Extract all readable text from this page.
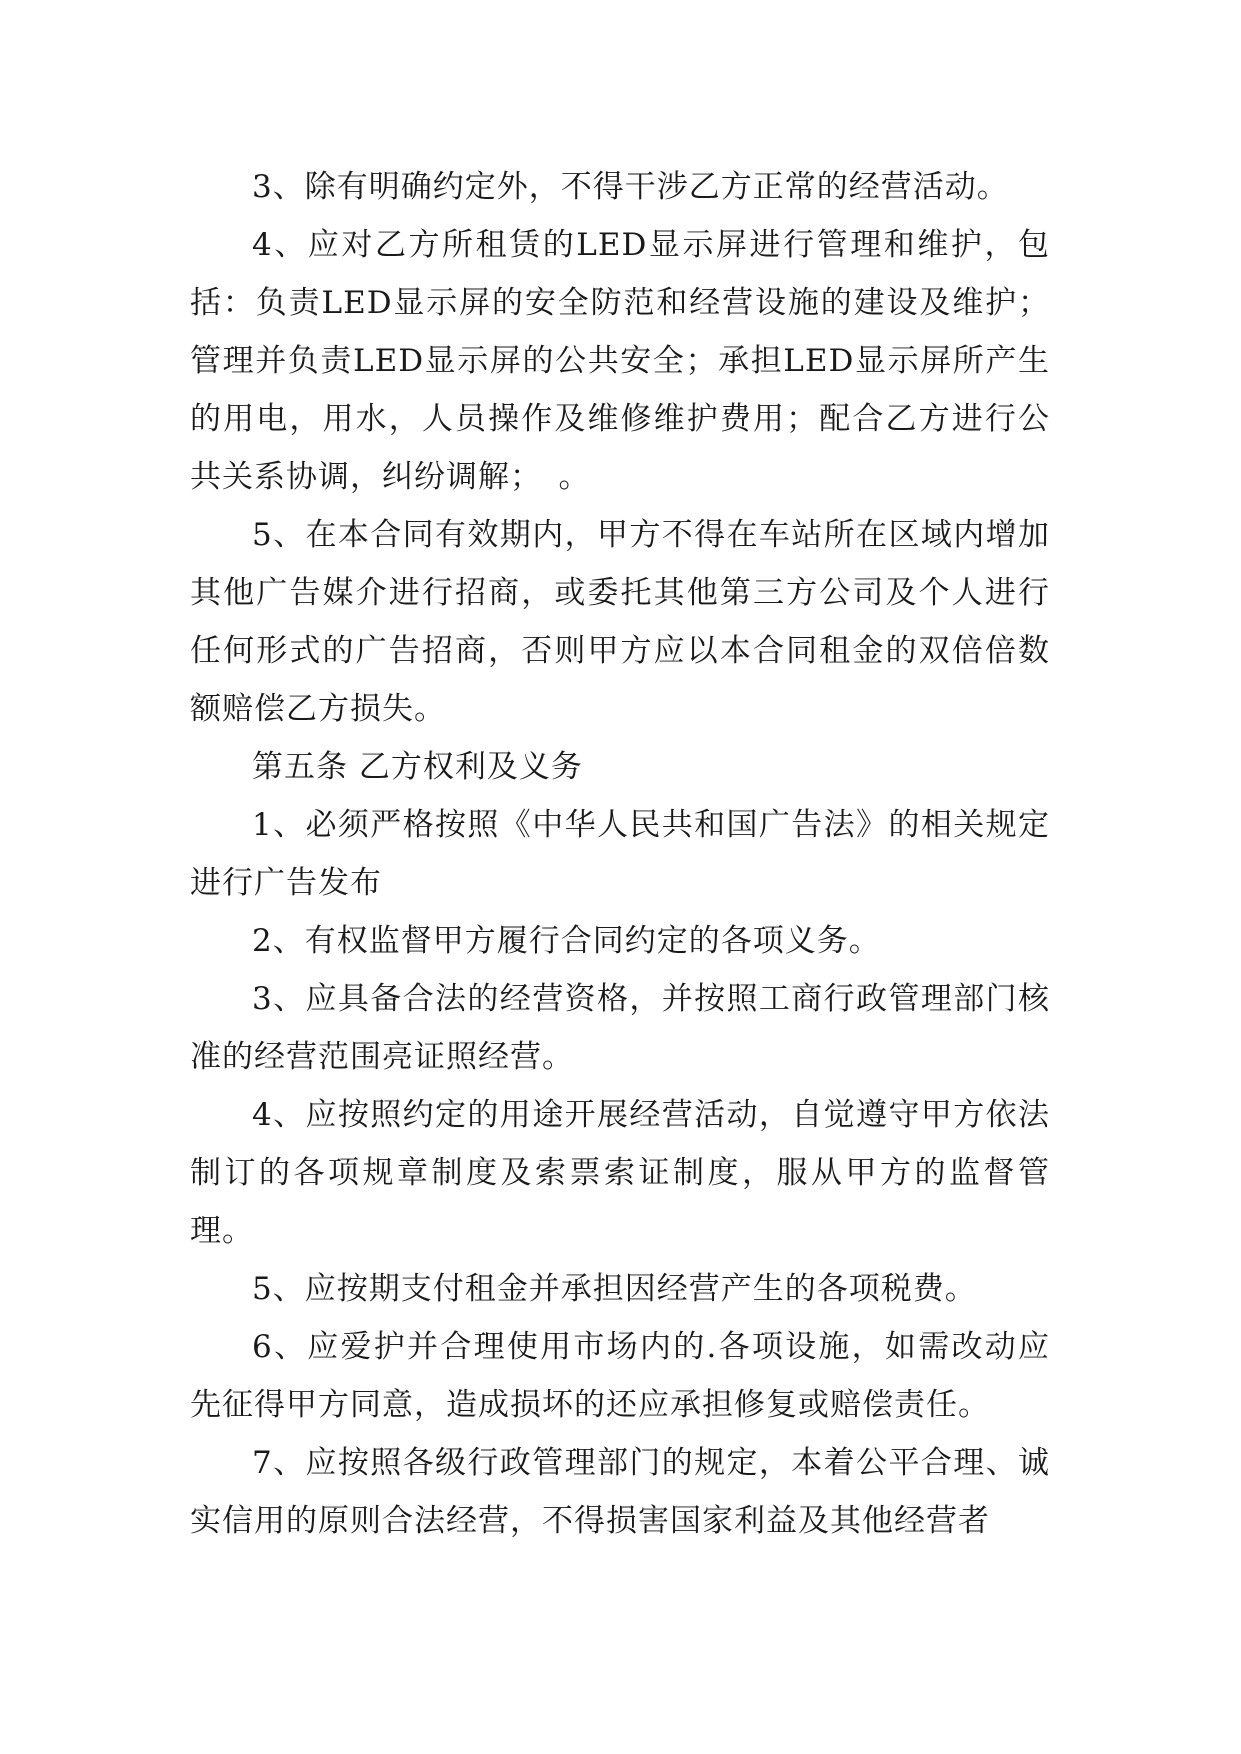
3、除有明确约定外，不得干涉乙方正常的经营活动。

4、应对乙方所租赁的LED显示屏进行管理和维护，包括：负责LED显示屏的安全防范和经营设施的建设及维护；管理并负责LED显示屏的公共安全；承担LED显示屏所产生的用电，用水，人员操作及维修维护费用；配合乙方进行公共关系协调，纠纷调解；　。

5、在本合同有效期内，甲方不得在车站所在区域内增加其他广告媒介进行招商，或委托其他第三方公司及个人进行任何形式的广告招商，否则甲方应以本合同租金的双倍倍数额赔偿乙方损失。

第五条 乙方权利及义务

1、必须严格按照《中华人民共和国广告法》的相关规定进行广告发布

2、有权监督甲方履行合同约定的各项义务。

3、应具备合法的经营资格，并按照工商行政管理部门核准的经营范围亮证照经营。

4、应按照约定的用途开展经营活动，自觉遵守甲方依法制订的各项规章制度及索票索证制度，服从甲方的监督管理。

5、应按期支付租金并承担因经营产生的各项税费。

6、应爱护并合理使用市场内的.各项设施，如需改动应先征得甲方同意，造成损坏的还应承担修复或赔偿责任。

7、应按照各级行政管理部门的规定，本着公平合理、诚实信用的原则合法经营，不得损害国家利益及其他经营者
